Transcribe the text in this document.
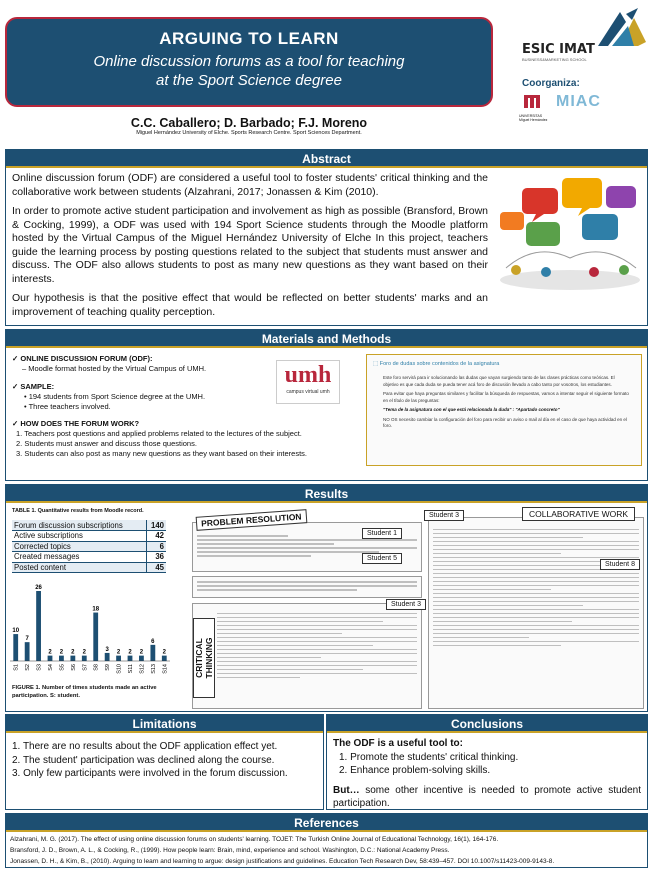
ARGUING TO LEARN
Online discussion forums as a tool for teaching
at the Sport Science degree
C.C. Caballero; D. Barbado; F.J. Moreno
Miguel Hernández University of Elche. Sports Research Centre. Sport Sciences Department.
ESIC IMAT
BUSINESS&MARKETING SCHOOL
Coorganiza:
UNIVERSITAS Miguel Hernández
MIAC
Abstract

Online discussion forum (ODF) are considered a useful tool to foster students' critical thinking and the collaborative work between students (Alzahrani, 2017; Jonassen & Kim (2010).

In order to promote active student participation and involvement as high as possible (Bransford, Brown & Cocking, 1999), a ODF was used with 194 Sport Science students through the Moodle platform hosted by the Virtual Campus of the Miguel Hernández University of Elche In this project, teachers guide the learning process by posting questions related to the subject that students must answer and discuss. The ODF also allows students to post as many new questions as they want based on their interests.

Our hypothesis is that the positive effect that would be reflected on better students' marks and an improvement of teaching quality perception.

Materials and Methods
✓ ONLINE DISCUSSION FORUM (ODF):
– Moodle format hosted by the Virtual Campus of UMH.
✓ SAMPLE:
• 194 students from Sport Science degree at the UMH.
• Three teachers involved.
✓ HOW DOES THE FORUM WORK?
1. Teachers post questions and applied problems related to the lectures of the subject.
2. Students must answer and discuss those questions.
3. Students can also post as many new questions as they want based on their interests.
umh
campus virtual umh
⬚ Foro de dudas sobre contenidos de la asignatura
Este foro servirá para ir solucionando las dudas que vayan surgiendo tanto de las clases prácticas como teóricas. El objetivo es que cada duda se pueda tener acá foro de discusión llevado a cabo tanto por vosotros, los estudiantes.
Para evitar que haya preguntas similares y facilitar la búsqueda de respuestas, vamos a intentar seguir el siguiente formato en el título de las preguntas:
"Tema de la asignatura con el que está relacionada la duda" : "Apartado concreto"
NO OS necesito cambiar la configuración del foro para recibir un aviso o mail al día en el caso de que haya actividad en el foro.
Results
TABLE 1. Quantitative results from Moodle record.
Forum discussion subscriptions	140
Active subscriptions	42
Corrected topics	6
Created messages	36
Posted content	45
10
S1
7
S2
26
S3
2
S4
2
S5
2
S6
2
S7
18
S8
3
S9
2
S10
2
S11
2
S12
6
S13
2
S14
FIGURE 1. Number of times students made an active participation. S: student.
PROBLEM RESOLUTION
Student 1
Student 5
CRITICAL THINKING
Student 3
Student 3	COLLABORATIVE WORK
Student 8
Limitations
1. There are no results about the ODF application effect yet.
2. The student' participation was declined along the course.
3. Only few participants were involved in the forum discussion.
Conclusions
The ODF is a useful tool to:
1. Promote the students' critical thinking.
2. Enhance problem-solving skills.
But… some other incentive is needed to promote active student participation.
References
Alzahrani, M. G. (2017). The effect of using online discussion forums on students' learning. TOJET: The Turkish Online Journal of Educational Technology, 16(1), 164-176.
Bransford, J. D., Brown, A. L., & Cocking, R., (1999). How people learn: Brain, mind, experience and school. Washington, D.C.: National Academy Press.
Jonassen, D. H., & Kim, B., (2010). Arguing to learn and learning to argue: design justifications and guidelines. Education Tech Research Dev, 58:439–457. DOI 10.1007/s11423-009-9143-8.
